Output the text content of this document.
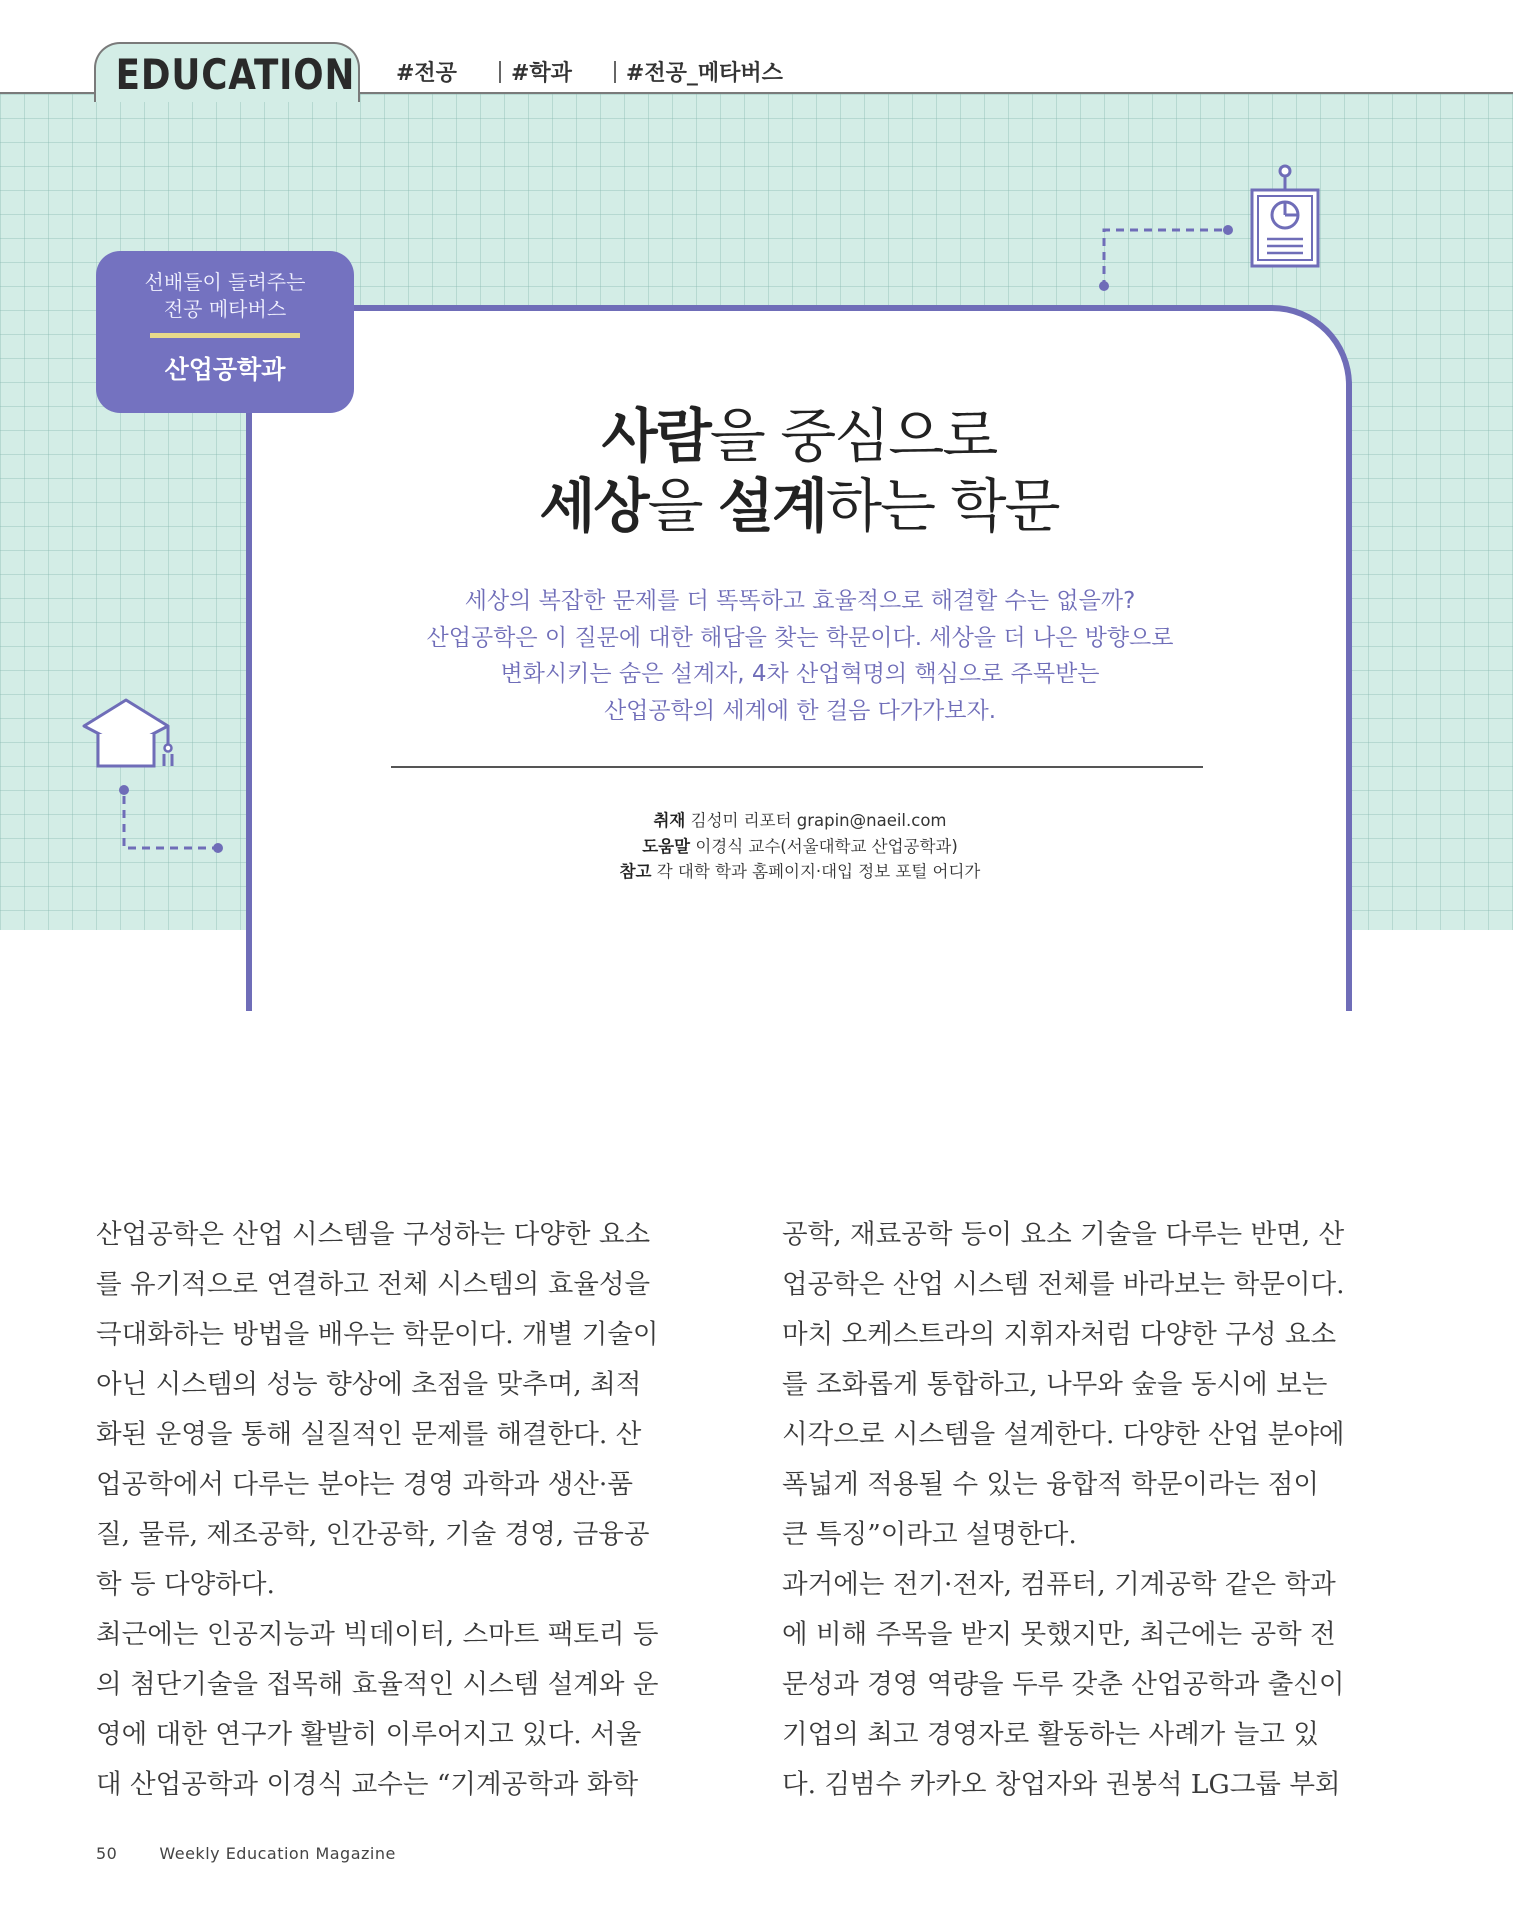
EDUCATION #전공	#학과	#전공_메타버스
선배들이 들려주는
전공 메타버스
산업공학과
사람을 중심으로
세상을 설계하는 학문
세상의 복잡한 문제를 더 똑똑하고 효율적으로 해결할 수는 없을까?
산업공학은 이 질문에 대한 해답을 찾는 학문이다. 세상을 더 나은 방향으로
변화시키는 숨은 설계자, 4차 산업혁명의 핵심으로 주목받는
산업공학의 세계에 한 걸음 다가가보자.
취재 김성미 리포터 grapin@naeil.com
도움말 이경식 교수(서울대학교 산업공학과)
참고 각 대학 학과 홈페이지·대입 정보 포털 어디가
산업공학은 산업 시스템을 구성하는 다양한 요소
를 유기적으로 연결하고 전체 시스템의 효율성을
극대화하는 방법을 배우는 학문이다. 개별 기술이
아닌 시스템의 성능 향상에 초점을 맞추며, 최적
화된 운영을 통해 실질적인 문제를 해결한다. 산
업공학에서 다루는 분야는 경영 과학과 생산·품
질, 물류, 제조공학, 인간공학, 기술 경영, 금융공
학 등 다양하다.
최근에는 인공지능과 빅데이터, 스마트 팩토리 등
의 첨단기술을 접목해 효율적인 시스템 설계와 운
영에 대한 연구가 활발히 이루어지고 있다. 서울
대 산업공학과 이경식 교수는 “기계공학과 화학
공학, 재료공학 등이 요소 기술을 다루는 반면, 산
업공학은 산업 시스템 전체를 바라보는 학문이다.
마치 오케스트라의 지휘자처럼 다양한 구성 요소
를 조화롭게 통합하고, 나무와 숲을 동시에 보는
시각으로 시스템을 설계한다. 다양한 산업 분야에
폭넓게 적용될 수 있는 융합적 학문이라는 점이
큰 특징”이라고 설명한다.
과거에는 전기·전자, 컴퓨터, 기계공학 같은 학과
에 비해 주목을 받지 못했지만, 최근에는 공학 전
문성과 경영 역량을 두루 갖춘 산업공학과 출신이
기업의 최고 경영자로 활동하는 사례가 늘고 있
다. 김범수 카카오 창업자와 권봉석 LG그룹 부회
50	Weekly Education Magazine
